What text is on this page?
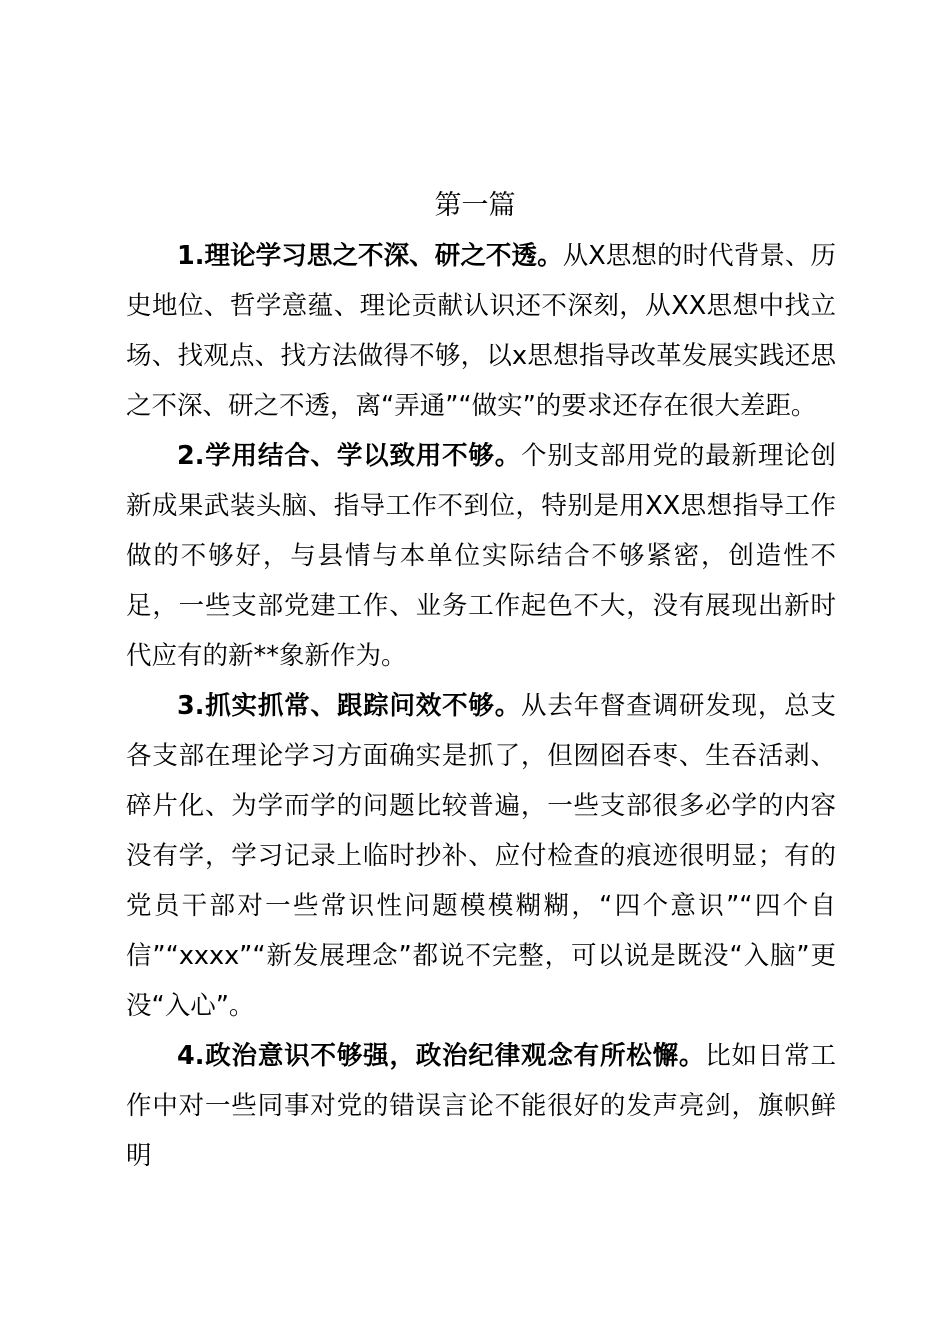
第一篇

1.理论学习思之不深、研之不透。从X思想的时代背景、历史地位、哲学意蕴、理论贡献认识还不深刻，从XX思想中找立场、找观点、找方法做得不够，以x思想指导改革发展实践还思之不深、研之不透，离“弄通”“做实”的要求还存在很大差距。

2.学用结合、学以致用不够。个别支部用党的最新理论创新成果武装头脑、指导工作不到位，特别是用XX思想指导工作做的不够好，与县情与本单位实际结合不够紧密，创造性不足，一些支部党建工作、业务工作起色不大，没有展现出新时代应有的新**象新作为。

3.抓实抓常、跟踪问效不够。从去年督查调研发现，总支各支部在理论学习方面确实是抓了，但囫囵吞枣、生吞活剥、碎片化、为学而学的问题比较普遍，一些支部很多必学的内容没有学，学习记录上临时抄补、应付检查的痕迹很明显；有的党员干部对一些常识性问题模模糊糊，“四个意识”“四个自信”“xxxx”“新发展理念”都说不完整，可以说是既没“入脑”更没“入心”。

4.政治意识不够强，政治纪律观念有所松懈。比如日常工作中对一些同事对党的错误言论不能很好的发声亮剑，旗帜鲜明
